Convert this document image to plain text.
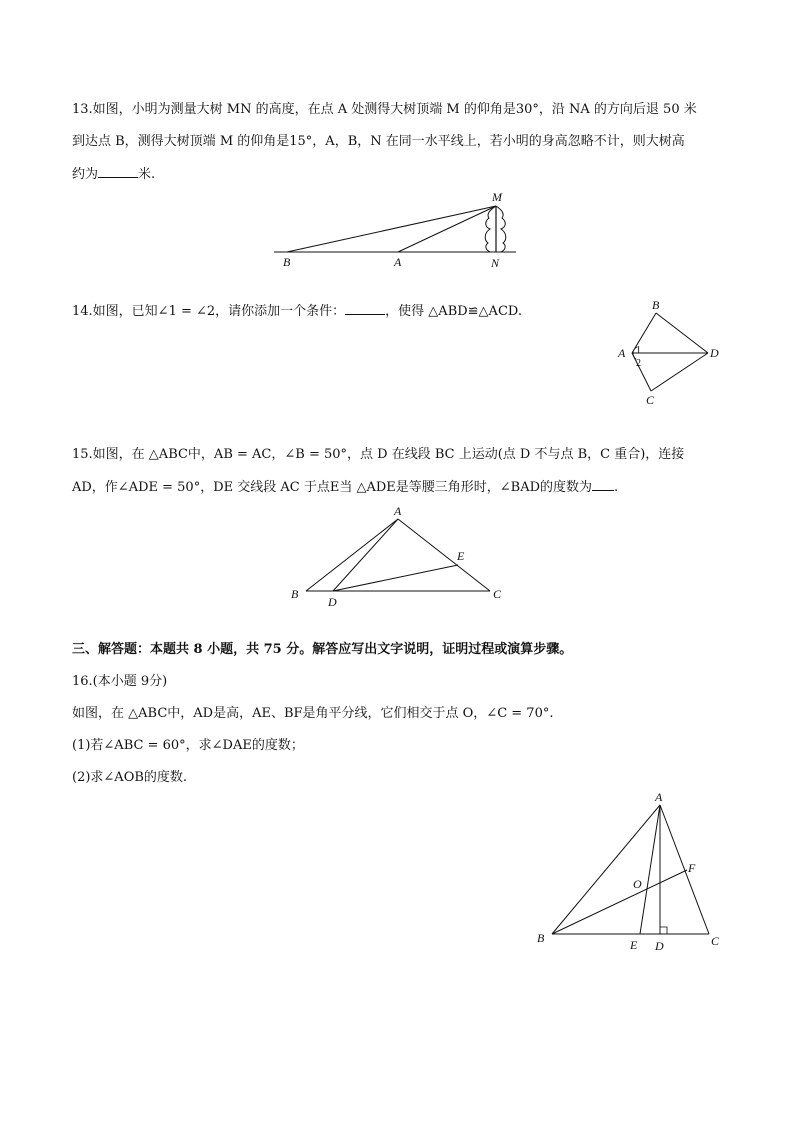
13.如图，小明为测量大树 MN 的高度，在点 A 处测得大树顶端 M 的仰角是30°，沿 NA 的方向后退 50 米
到达点 B，测得大树顶端 M 的仰角是15°，A，B，N 在同一水平线上，若小明的身高忽略不计，则大树高
约为	米.
M
B	A	N
14.如图，已知∠1 = ∠2，请你添加一个条件：	，使得 △ABD≌△ACD.	B
A 1
2
D
C
15.如图，在 △ABC中，AB = AC，∠B = 50°，点 D 在线段 BC 上运动(点 D 不与点 B，C 重合)，连接
AD，作∠ADE = 50°，DE 交线段 AC 于点E当 △ADE是等腰三角形时，∠BAD的度数为 .
A
E
B
D
C
三、解答题：本题共 8 小题，共 75 分。解答应写出文字说明，证明过程或演算步骤。
16.(本小题 9分)
如图，在 △ABC中，AD是高，AE、BF是角平分线，它们相交于点 O，∠C = 70°.
(1)若∠ABC = 60°，求∠DAE的度数；
(2)求∠AOB的度数.
A
F
O
B	E D	C
